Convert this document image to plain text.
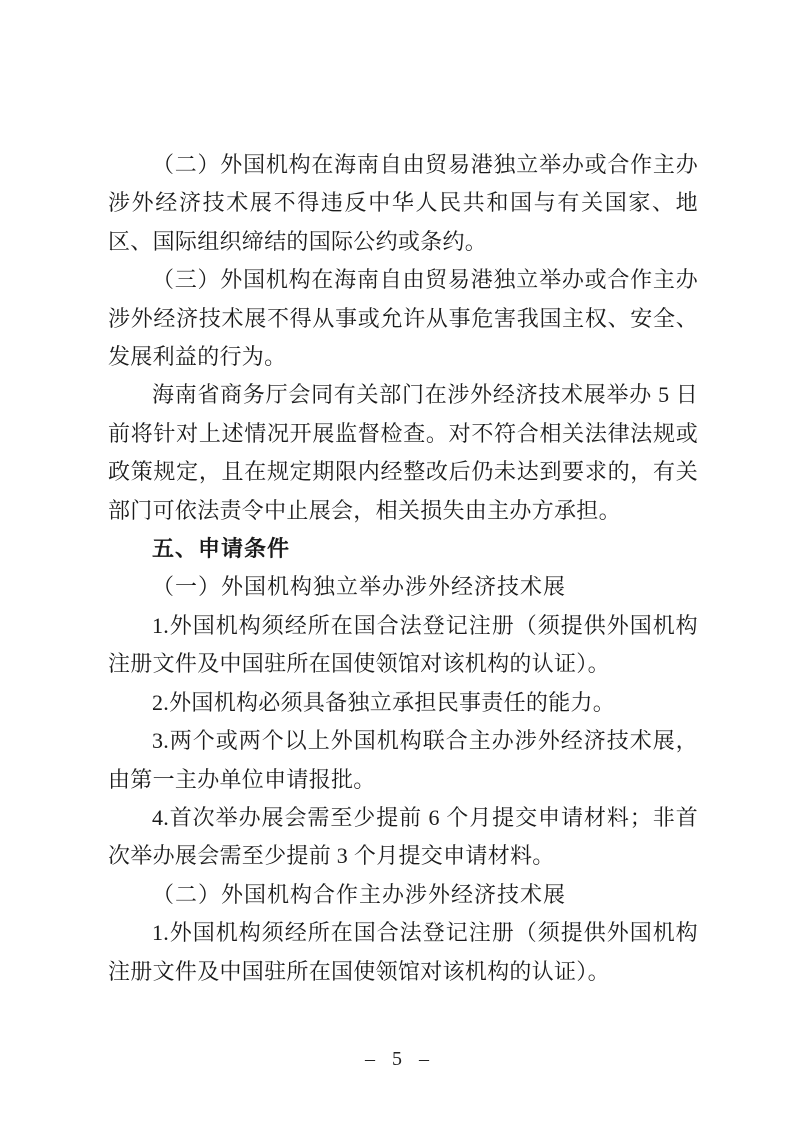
（二）外国机构在海南自由贸易港独立举办或合作主办涉外经济技术展不得违反中华人民共和国与有关国家、地区、国际组织缔结的国际公约或条约。

（三）外国机构在海南自由贸易港独立举办或合作主办涉外经济技术展不得从事或允许从事危害我国主权、安全、发展利益的行为。

海南省商务厅会同有关部门在涉外经济技术展举办 5 日前将针对上述情况开展监督检查。对不符合相关法律法规或政策规定，且在规定期限内经整改后仍未达到要求的，有关部门可依法责令中止展会，相关损失由主办方承担。

五、申请条件

（一）外国机构独立举办涉外经济技术展

1.外国机构须经所在国合法登记注册（须提供外国机构注册文件及中国驻所在国使领馆对该机构的认证）。

2.外国机构必须具备独立承担民事责任的能力。

3.两个或两个以上外国机构联合主办涉外经济技术展，由第一主办单位申请报批。

4.首次举办展会需至少提前 6 个月提交申请材料；非首次举办展会需至少提前 3 个月提交申请材料。

（二）外国机构合作主办涉外经济技术展

1.外国机构须经所在国合法登记注册（须提供外国机构注册文件及中国驻所在国使领馆对该机构的认证）。

– 5 –
